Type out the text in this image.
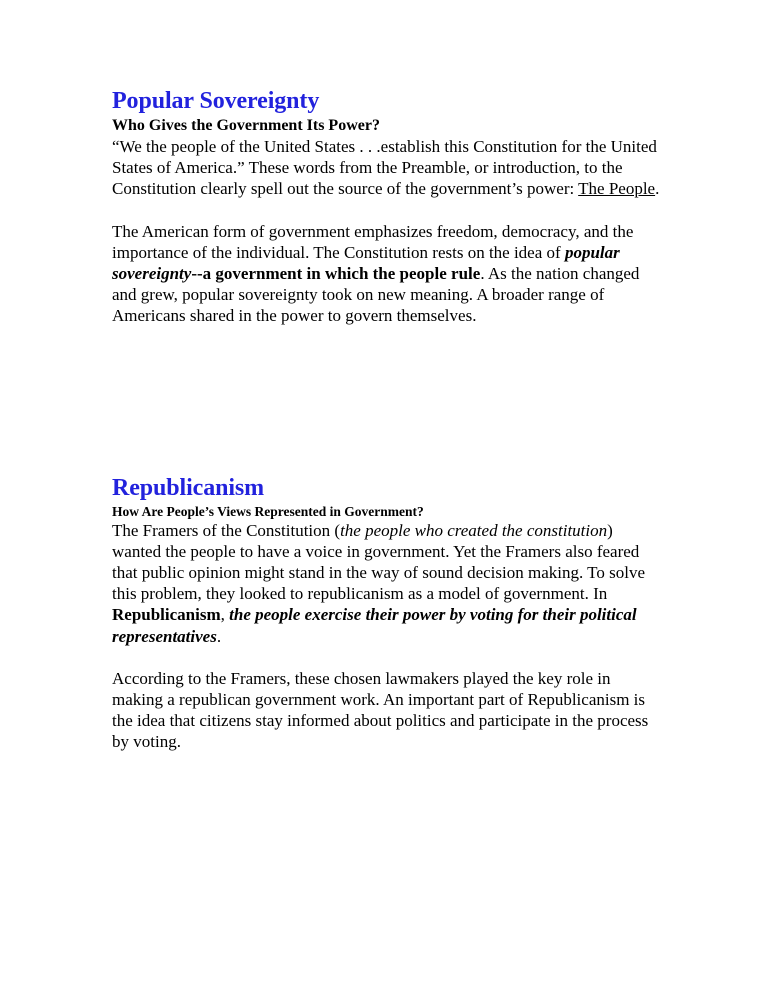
Popular Sovereignty
Who Gives the Government Its Power?

“We the people of the United States . . .establish this Constitution for the United States of America.” These words from the Preamble, or introduction, to the Constitution clearly spell out the source of the government’s power: The People.

The American form of government emphasizes freedom, democracy, and the importance of the individual. The Constitution rests on the idea of popular sovereignty--a government in which the people rule. As the nation changed and grew, popular sovereignty took on new meaning. A broader range of Americans shared in the power to govern themselves.

Republicanism
How Are People’s Views Represented in Government?

The Framers of the Constitution (the people who created the constitution) wanted the people to have a voice in government. Yet the Framers also feared that public opinion might stand in the way of sound decision making. To solve this problem, they looked to republicanism as a model of government. In Republicanism, the people exercise their power by voting for their political representatives.

According to the Framers, these chosen lawmakers played the key role in making a republican government work. An important part of Republicanism is the idea that citizens stay informed about politics and participate in the process by voting.
